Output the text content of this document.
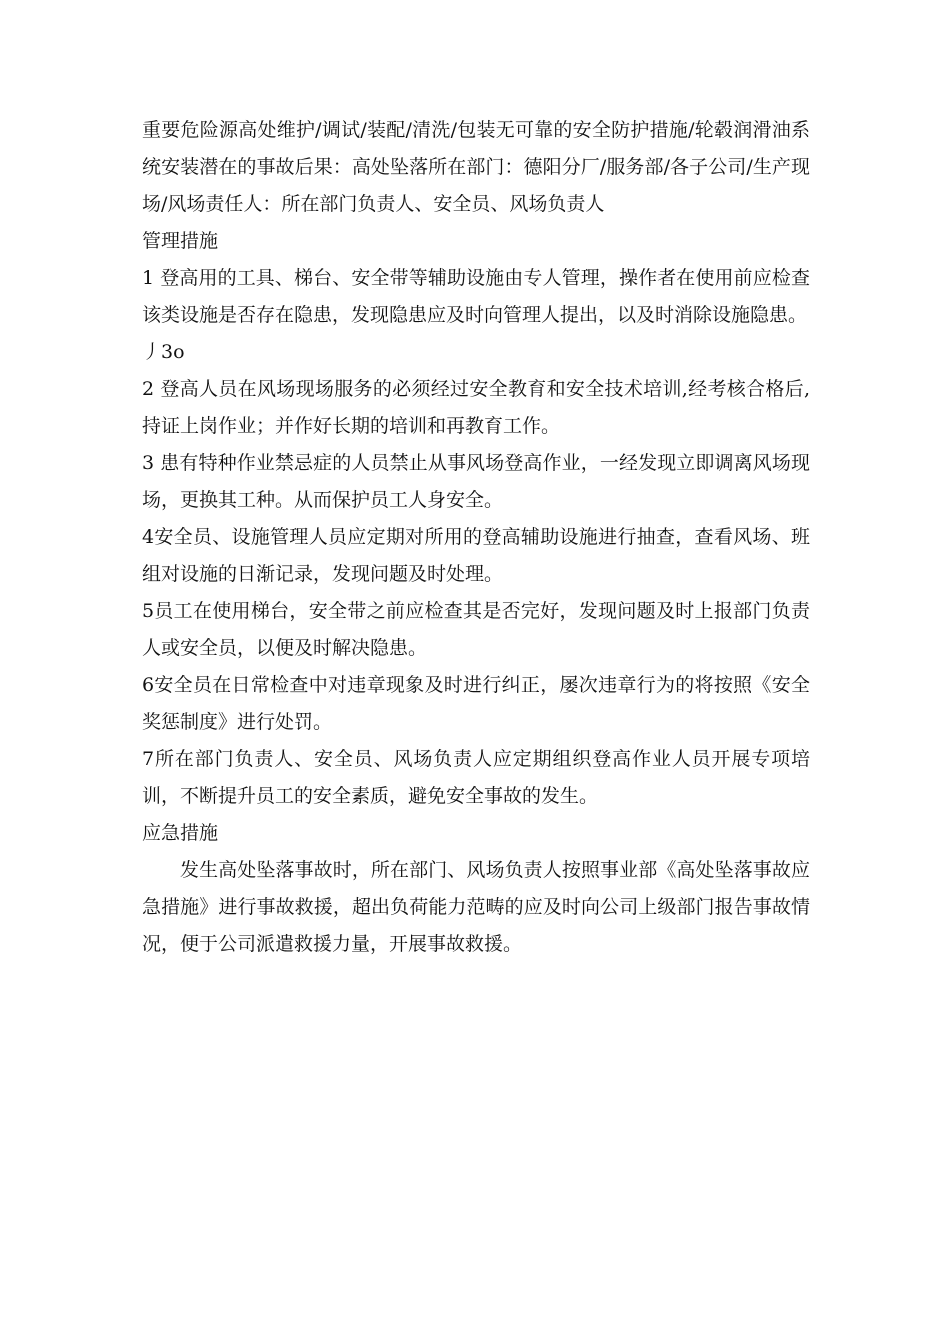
重要危险源高处维护/调试/装配/清洗/包装无可靠的安全防护措施/轮毂润滑油系统安装潜在的事故后果：高处坠落所在部门：德阳分厂/服务部/各子公司/生产现场/风场责任人：所在部门负责人、安全员、风场负责人

管理措施

1 登高用的工具、梯台、安全带等辅助设施由专人管理，操作者在使用前应检查该类设施是否存在隐患，发现隐患应及时向管理人提出，以及时消除设施隐患。

丿3o

2 登高人员在风场现场服务的必须经过安全教育和安全技术培训,经考核合格后,持证上岗作业；并作好长期的培训和再教育工作。

3 患有特种作业禁忌症的人员禁止从事风场登高作业，一经发现立即调离风场现场，更换其工种。从而保护员工人身安全。

4安全员、设施管理人员应定期对所用的登高辅助设施进行抽查，查看风场、班组对设施的日渐记录，发现问题及时处理。

5员工在使用梯台，安全带之前应检查其是否完好，发现问题及时上报部门负责人或安全员，以便及时解决隐患。

6安全员在日常检查中对违章现象及时进行纠正，屡次违章行为的将按照《安全奖惩制度》进行处罚。

7所在部门负责人、安全员、风场负责人应定期组织登高作业人员开展专项培训，不断提升员工的安全素质，避免安全事故的发生。

应急措施

发生高处坠落事故时，所在部门、风场负责人按照事业部《高处坠落事故应急措施》进行事故救援，超出负荷能力范畴的应及时向公司上级部门报告事故情况，便于公司派遣救援力量，开展事故救援。
